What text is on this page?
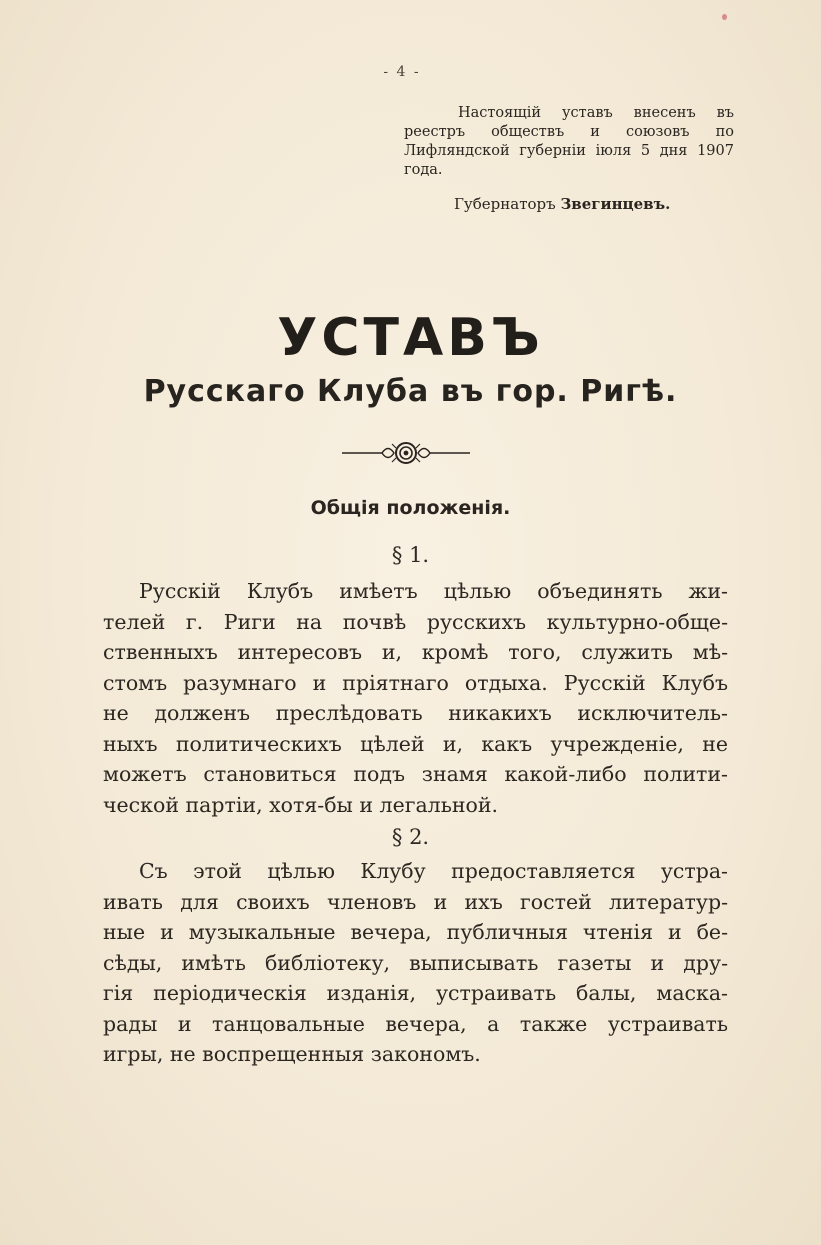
- 4 -

Настоящій уставъ внесенъ въ реестръ обществъ и союзовъ по Лифляндской губерніи іюля 5 дня 1907 года.

Губернаторъ Звегинцевъ.

УСТАВЪ
Русскаго Клуба въ гор. Ригѣ.
Общія положенія.
§ 1.
Русскій Клубъ имѣетъ цѣлью объединять жи-
телей г. Риги на почвѣ русскихъ культурно-обще-
ственныхъ интересовъ и, кромѣ того, служить мѣ-
стомъ разумнаго и пріятнаго отдыха. Русскій Клубъ
не долженъ преслѣдовать никакихъ исключитель-
ныхъ политическихъ цѣлей и, какъ учрежденіе, не
можетъ становиться подъ знамя какой-либо полити-
ческой партіи, хотя-бы и легальной.
§ 2.
Съ этой цѣлью Клубу предоставляется устра-
ивать для своихъ членовъ и ихъ гостей литератур-
ные и музыкальные вечера, публичныя чтенія и бе-
сѣды, имѣть библіотеку, выписывать газеты и дру-
гія періодическія изданія, устраивать балы, маска-
рады и танцовальные вечера, а также устраивать
игры, не воспрещенныя закономъ.
